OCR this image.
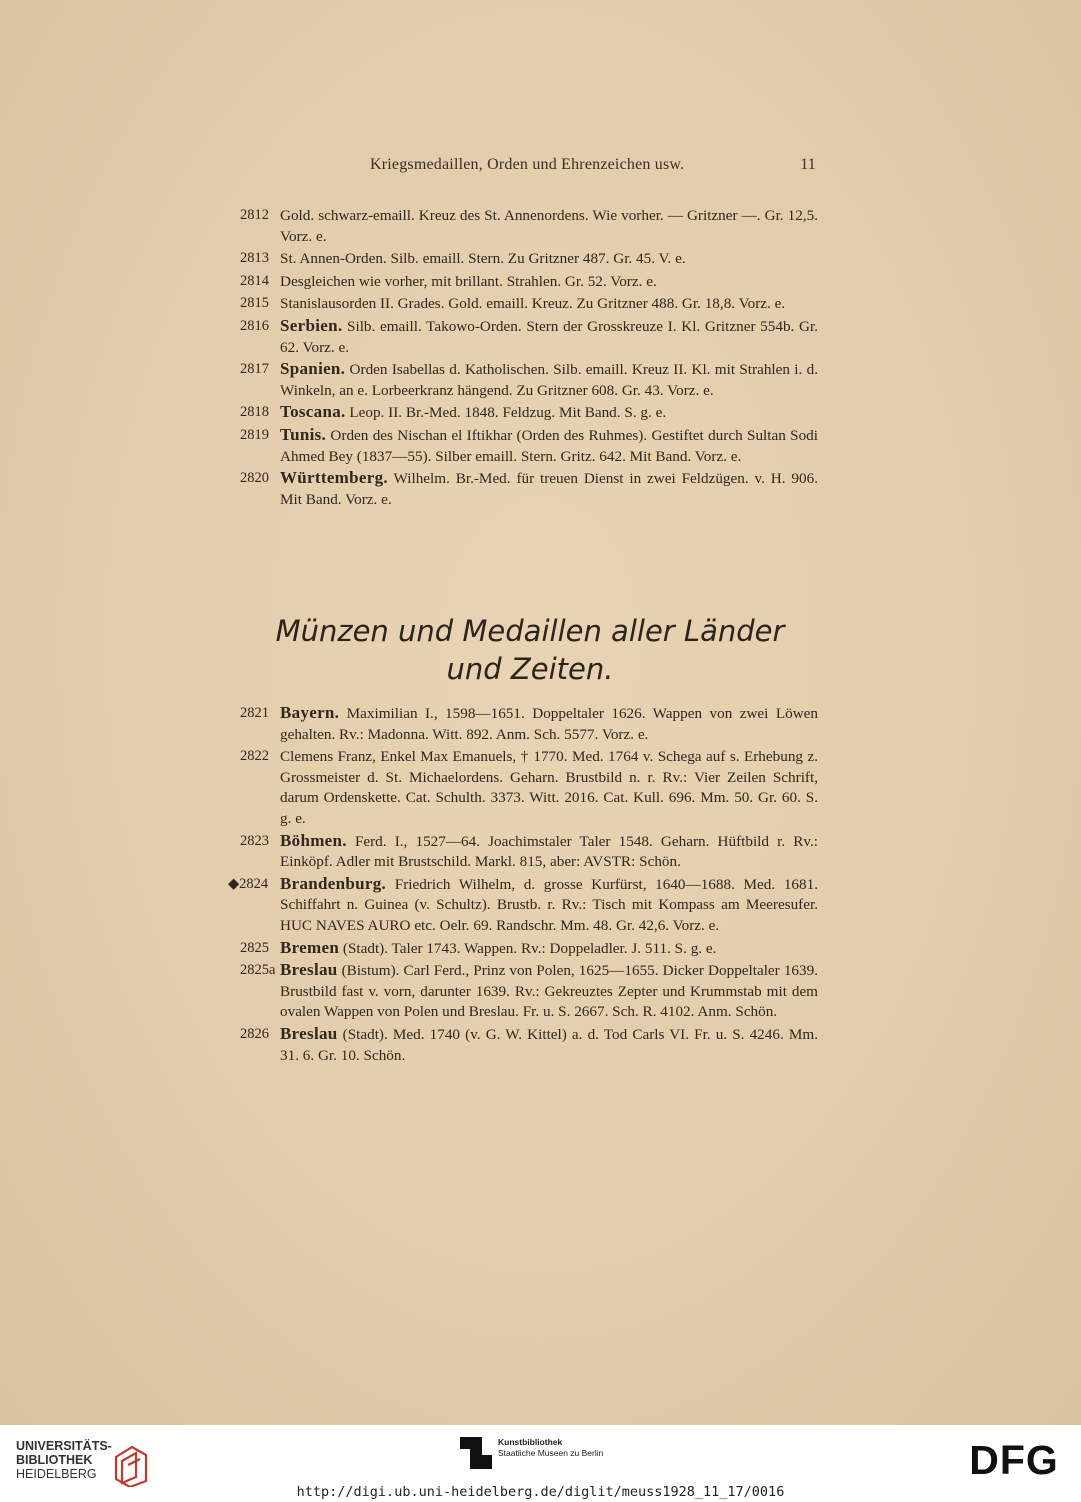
Kriegsmedaillen, Orden und Ehrenzeichen usw.	11
2812 Gold. schwarz-emaill. Kreuz des St. Annenordens. Wie vorher. — Gritzner —. Gr. 12,5. Vorz. e.
2813 St. Annen-Orden. Silb. emaill. Stern. Zu Gritzner 487. Gr. 45. V. e.
2814 Desgleichen wie vorher, mit brillant. Strahlen. Gr. 52. Vorz. e.
2815 Stanislausorden II. Grades. Gold. emaill. Kreuz. Zu Gritzner 488. Gr. 18,8. Vorz. e.
2816 Serbien. Silb. emaill. Takowo-Orden. Stern der Grosskreuze I. Kl. Gritzner 554b. Gr. 62. Vorz. e.
2817 Spanien. Orden Isabellas d. Katholischen. Silb. emaill. Kreuz II. Kl. mit Strahlen i. d. Winkeln, an e. Lorbeerkranz hängend. Zu Gritzner 608. Gr. 43. Vorz. e.
2818 Toscana. Leop. II. Br.-Med. 1848. Feldzug. Mit Band. S. g. e.
2819 Tunis. Orden des Nischan el Iftikhar (Orden des Ruhmes). Gestiftet durch Sultan Sodi Ahmed Bey (1837—55). Silber emaill. Stern. Gritz. 642. Mit Band. Vorz. e.
2820 Württemberg. Wilhelm. Br.-Med. für treuen Dienst in zwei Feldzügen. v. H. 906. Mit Band. Vorz. e.
Münzen und Medaillen aller Länder
und Zeiten.
2821 Bayern. Maximilian I., 1598—1651. Doppeltaler 1626. Wappen von zwei Löwen gehalten. Rv.: Madonna. Witt. 892. Anm. Sch. 5577. Vorz. e.
2822 Clemens Franz, Enkel Max Emanuels, † 1770. Med. 1764 v. Schega auf s. Erhebung z. Grossmeister d. St. Michaelordens. Geharn. Brustbild n. r. Rv.: Vier Zeilen Schrift, darum Ordenskette. Cat. Schulth. 3373. Witt. 2016. Cat. Kull. 696. Mm. 50. Gr. 60. S. g. e.
2823 Böhmen. Ferd. I., 1527—64. Joachimstaler Taler 1548. Geharn. Hüftbild r. Rv.: Einköpf. Adler mit Brustschild. Markl. 815, aber: AVSTR: Schön.
◆2824 Brandenburg. Friedrich Wilhelm, d. grosse Kurfürst, 1640—1688. Med. 1681. Schiffahrt n. Guinea (v. Schultz). Brustb. r. Rv.: Tisch mit Kompass am Meeresufer. HUC NAVES AURO etc. Oelr. 69. Randschr. Mm. 48. Gr. 42,6. Vorz. e.
2825 Bremen (Stadt). Taler 1743. Wappen. Rv.: Doppeladler. J. 511. S. g. e.
2825a Breslau (Bistum). Carl Ferd., Prinz von Polen, 1625—1655. Dicker Doppeltaler 1639. Brustbild fast v. vorn, darunter 1639. Rv.: Gekreuztes Zepter und Krummstab mit dem ovalen Wappen von Polen und Breslau. Fr. u. S. 2667. Sch. R. 4102. Anm. Schön.
2826 Breslau (Stadt). Med. 1740 (v. G. W. Kittel) a. d. Tod Carls VI. Fr. u. S. 4246. Mm. 31. 6. Gr. 10. Schön.
UNIVERSITÄTS-
BIBLIOTHEK
HEIDELBERG
Kunstbibliothek
Staatliche Museen zu Berlin	DFG
http://digi.ub.uni-heidelberg.de/diglit/meuss1928_11_17/0016
